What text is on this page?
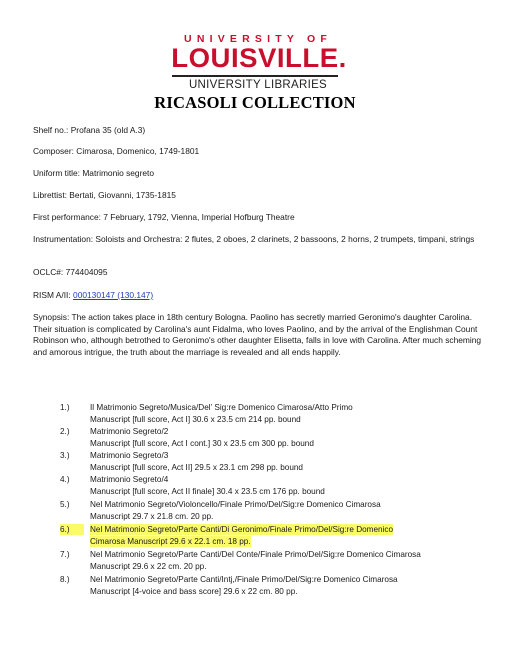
UNIVERSITY OF
LOUISVILLE.
UNIVERSITY LIBRARIES
RICASOLI COLLECTION
Shelf no.: Profana 35 (old A.3)
Composer: Cimarosa, Domenico, 1749-1801
Uniform title: Matrimonio segreto
Librettist: Bertati, Giovanni, 1735-1815
First performance: 7 February, 1792, Vienna, Imperial Hofburg Theatre
Instrumentation: Soloists and Orchestra: 2 flutes, 2 oboes, 2 clarinets, 2 bassoons, 2 horns, 2 trumpets, timpani, strings
OCLC#: 774404095
RISM A/II: 000130147 (130.147)
Synopsis: The action takes place in 18th century Bologna. Paolino has secretly married Geronimo's daughter Carolina. Their situation is complicated by Carolina's aunt Fidalma, who loves Paolino, and by the arrival of the Englishman Count Robinson who, although betrothed to Geronimo's other daughter Elisetta, falls in love with Carolina. After much scheming and amorous intrigue, the truth about the marriage is revealed and all ends happily.
1.)	Il Matrimonio Segreto/Musica/Del’ Sig:re Domenico Cimarosa/Atto Primo
Manuscript [full score, Act I] 30.6 x 23.5 cm 214 pp. bound
2.)	Matrimonio Segreto/2
Manuscript [full score, Act I cont.] 30 x 23.5 cm 300 pp. bound
3.)	Matrimonio Segreto/3
Manuscript [full score, Act II] 29.5 x 23.1 cm 298 pp. bound
4.)	Matrimonio Segreto/4
Manuscript [full score, Act II finale] 30.4 x 23.5 cm 176 pp. bound
5.)	Nel Matrimonio Segreto/Violoncello/Finale Primo/Del/Sig:re Domenico Cimarosa
Manuscript 29.7 x 21.8 cm. 20 pp.
6.)	Nel Matrimonio Segreto/Parte Canti/Di Geronimo/Finale Primo/Del/Sig:re Domenico
Cimarosa Manuscript 29.6 x 22.1 cm. 18 pp.
7.)	Nel Matrimonio Segreto/Parte Canti/Del Conte/Finale Primo/Del/Sig:re Domenico Cimarosa
Manuscript 29.6 x 22 cm. 20 pp.
8.)	Nel Matrimonio Segreto/Parte Canti/Intj,/Finale Primo/Del/Sig:re Domenico Cimarosa
Manuscript [4-voice and bass score] 29.6 x 22 cm. 80 pp.
